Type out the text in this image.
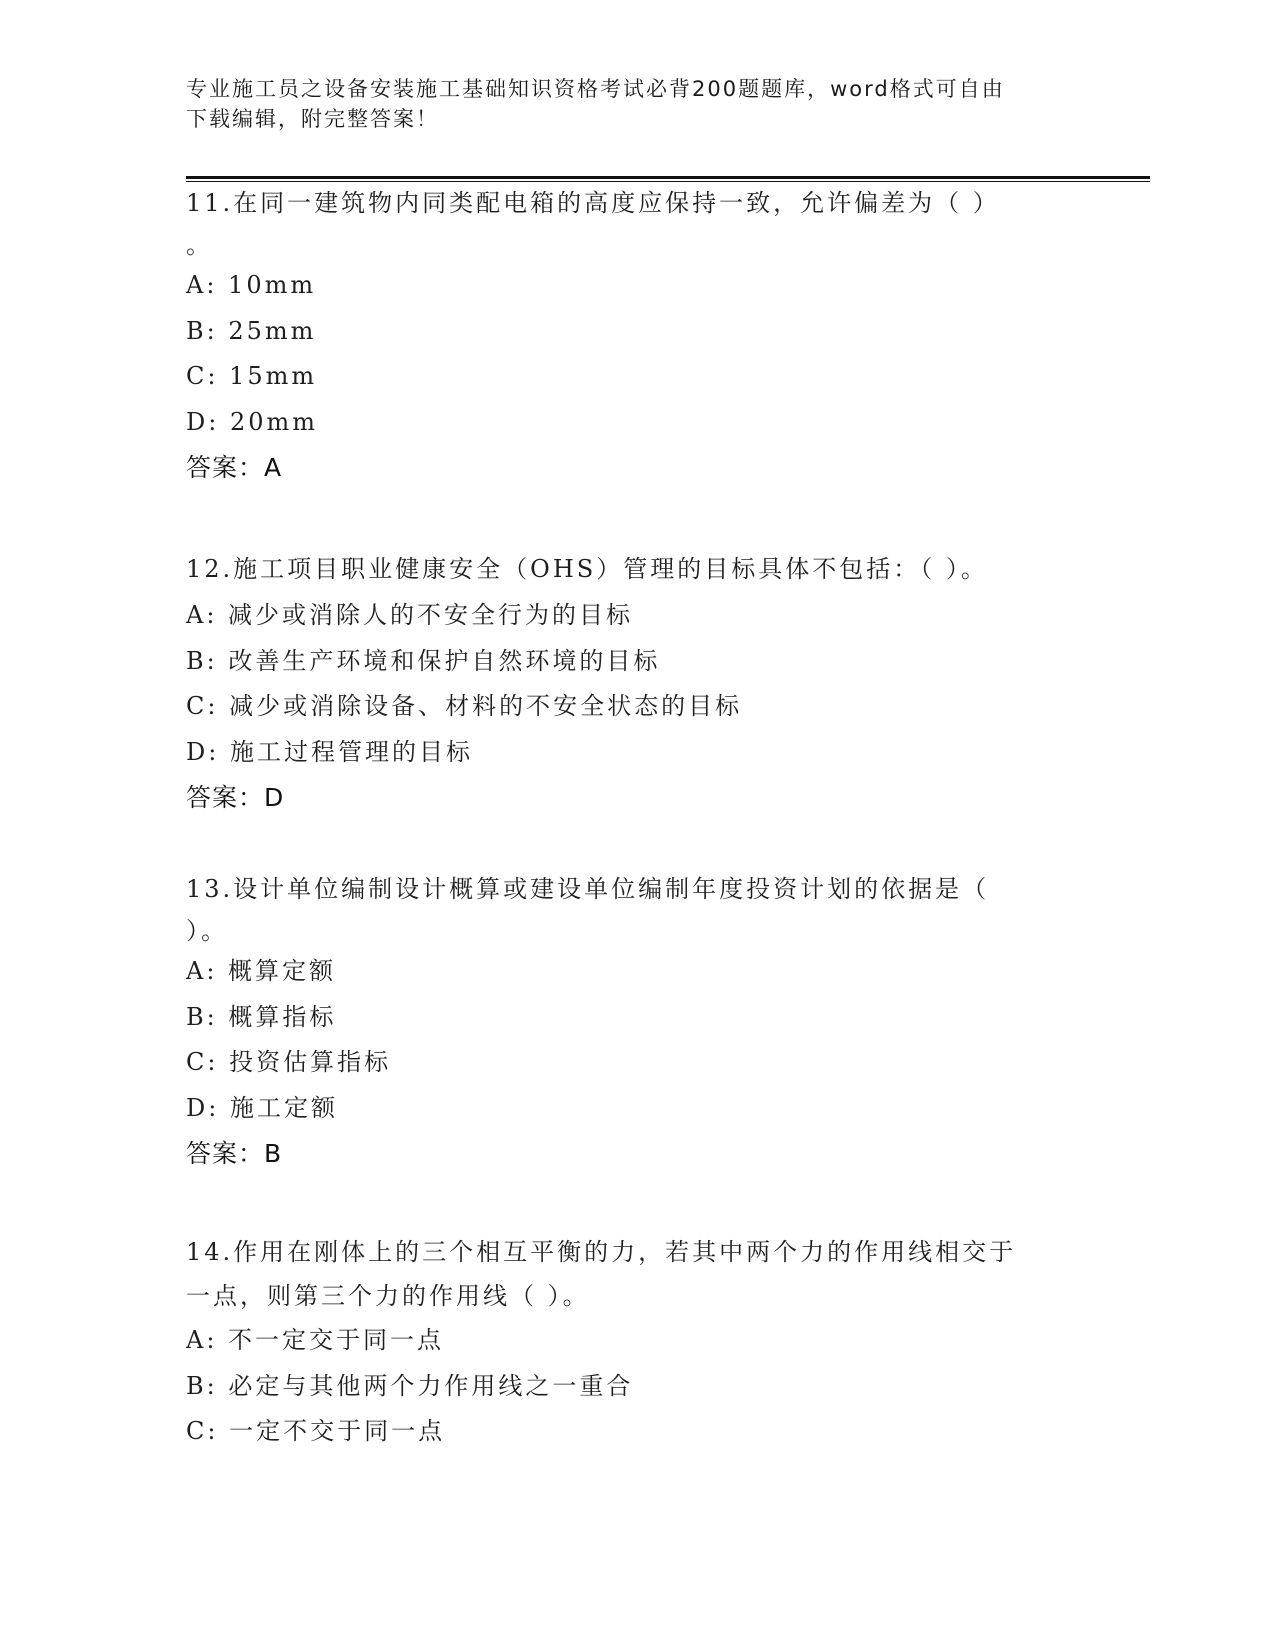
专业施工员之设备安装施工基础知识资格考试必背200题题库，word格式可自由
下载编辑，附完整答案！

11.在同一建筑物内同类配电箱的高度应保持一致，允许偏差为（ ）
。

A: 10mm

B: 25mm

C: 15mm

D: 20mm

答案：A

12.施工项目职业健康安全（OHS）管理的目标具体不包括：（ ）。

A: 减少或消除人的不安全行为的目标

B: 改善生产环境和保护自然环境的目标

C: 减少或消除设备、材料的不安全状态的目标

D: 施工过程管理的目标

答案：D

13.设计单位编制设计概算或建设单位编制年度投资计划的依据是（
）。

A: 概算定额

B: 概算指标

C: 投资估算指标

D: 施工定额

答案：B

14.作用在刚体上的三个相互平衡的力，若其中两个力的作用线相交于
一点，则第三个力的作用线（ ）。

A: 不一定交于同一点

B: 必定与其他两个力作用线之一重合

C: 一定不交于同一点
